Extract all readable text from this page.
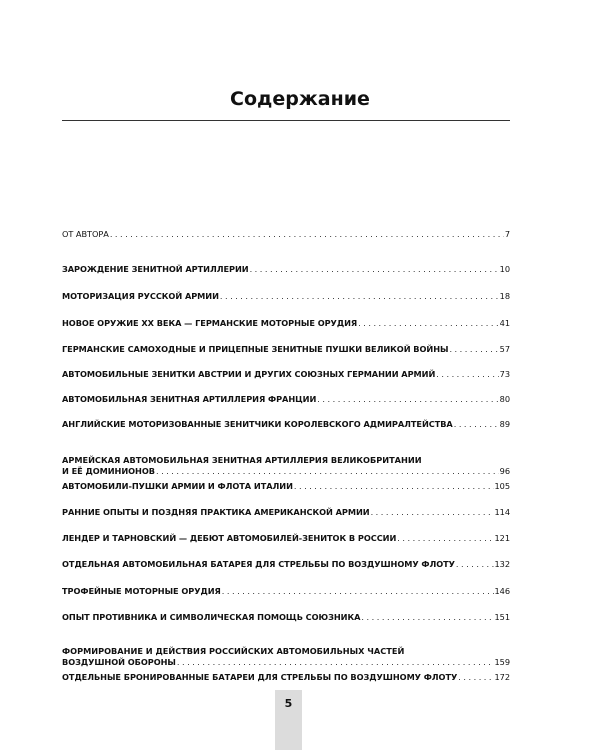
Содержание
ОТ АВТОРА . . .	7
ЗАРОЖДЕНИЕ ЗЕНИТНОЙ АРТИЛЛЕРИИ . . .	10
МОТОРИЗАЦИЯ РУССКОЙ АРМИИ . . .	18
НОВОЕ ОРУЖИЕ XX ВЕКА — ГЕРМАНСКИЕ МОТОРНЫЕ ОРУДИЯ . . .	41
ГЕРМАНСКИЕ САМОХОДНЫЕ И ПРИЦЕПНЫЕ ЗЕНИТНЫЕ ПУШКИ ВЕЛИКОЙ ВОЙНЫ . . .	57
АВТОМОБИЛЬНЫЕ ЗЕНИТКИ АВСТРИИ И ДРУГИХ СОЮЗНЫХ ГЕРМАНИИ АРМИЙ . . .	73
АВТОМОБИЛЬНАЯ ЗЕНИТНАЯ АРТИЛЛЕРИЯ ФРАНЦИИ . . .	80
АНГЛИЙСКИЕ МОТОРИЗОВАННЫЕ ЗЕНИТЧИКИ КОРОЛЕВСКОГО АДМИРАЛТЕЙСТВА . . .	89
АРМЕЙСКАЯ АВТОМОБИЛЬНАЯ ЗЕНИТНАЯ АРТИЛЛЕРИЯ ВЕЛИКОБРИТАНИИ
И ЕЁ ДОМИНИОНОВ . . .	96
АВТОМОБИЛИ-ПУШКИ АРМИИ И ФЛОТА ИТАЛИИ . . .	105
РАННИЕ ОПЫТЫ И ПОЗДНЯЯ ПРАКТИКА АМЕРИКАНСКОЙ АРМИИ . . .	114
ЛЕНДЕР И ТАРНОВСКИЙ — ДЕБЮТ АВТОМОБИЛЕЙ-ЗЕНИТОК В РОССИИ . . .	121
ОТДЕЛЬНАЯ АВТОМОБИЛЬНАЯ БАТАРЕЯ ДЛЯ СТРЕЛЬБЫ ПО ВОЗДУШНОМУ ФЛОТУ . . .	132
ТРОФЕЙНЫЕ МОТОРНЫЕ ОРУДИЯ . . .	146
ОПЫТ ПРОТИВНИКА И СИМВОЛИЧЕСКАЯ ПОМОЩЬ СОЮЗНИКА . . .	151
ФОРМИРОВАНИЕ И ДЕЙСТВИЯ РОССИЙСКИХ АВТОМОБИЛЬНЫХ ЧАСТЕЙ
ВОЗДУШНОЙ ОБОРОНЫ . . .	159
ОТДЕЛЬНЫЕ БРОНИРОВАННЫЕ БАТАРЕИ ДЛЯ СТРЕЛЬБЫ ПО ВОЗДУШНОМУ ФЛОТУ . . .	172
5
